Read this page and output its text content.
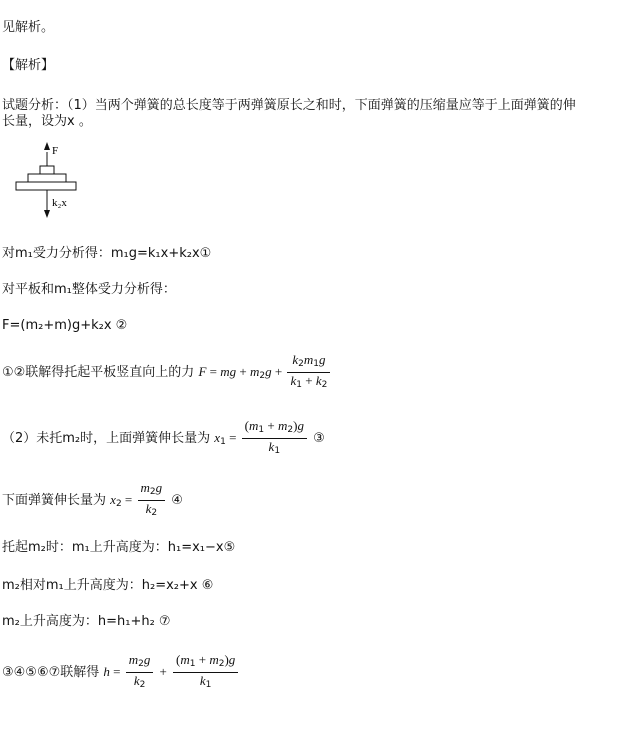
见解析。
【解析】
试题分析：（1）当两个弹簧的总长度等于两弹簧原长之和时，下面弹簧的压缩量应等于上面弹簧的伸
长量，设为x 。
F
k₂x
对m₁受力分析得：m₁g=k₁x+k₂x①
对平板和m₁整体受力分析得：
F=(m₂+m)g+k₂x ②
①②联解得托起平板竖直向上的力 F = mg + $m_2g + \frac{k_2m_1g}{k_1 + k_2}$
（2）未托m₂时，上面弹簧伸长量为 $x_1 = \frac{(m_1 + m_2)g}{k_1}$ ③
下面弹簧伸长量为 $x_2 = \frac{m_2g}{k_2}$ ④
托起m₂时：m₁上升高度为：h₁=x₁−x⑤
m₂相对m₁上升高度为：h₂=x₂+x ⑥
m₂上升高度为：h=h₁+h₂ ⑦
③④⑤⑥⑦联解得 $h = \frac{m_2g}{k_2} + \frac{(m_1 + m_2)g}{k_1}$
